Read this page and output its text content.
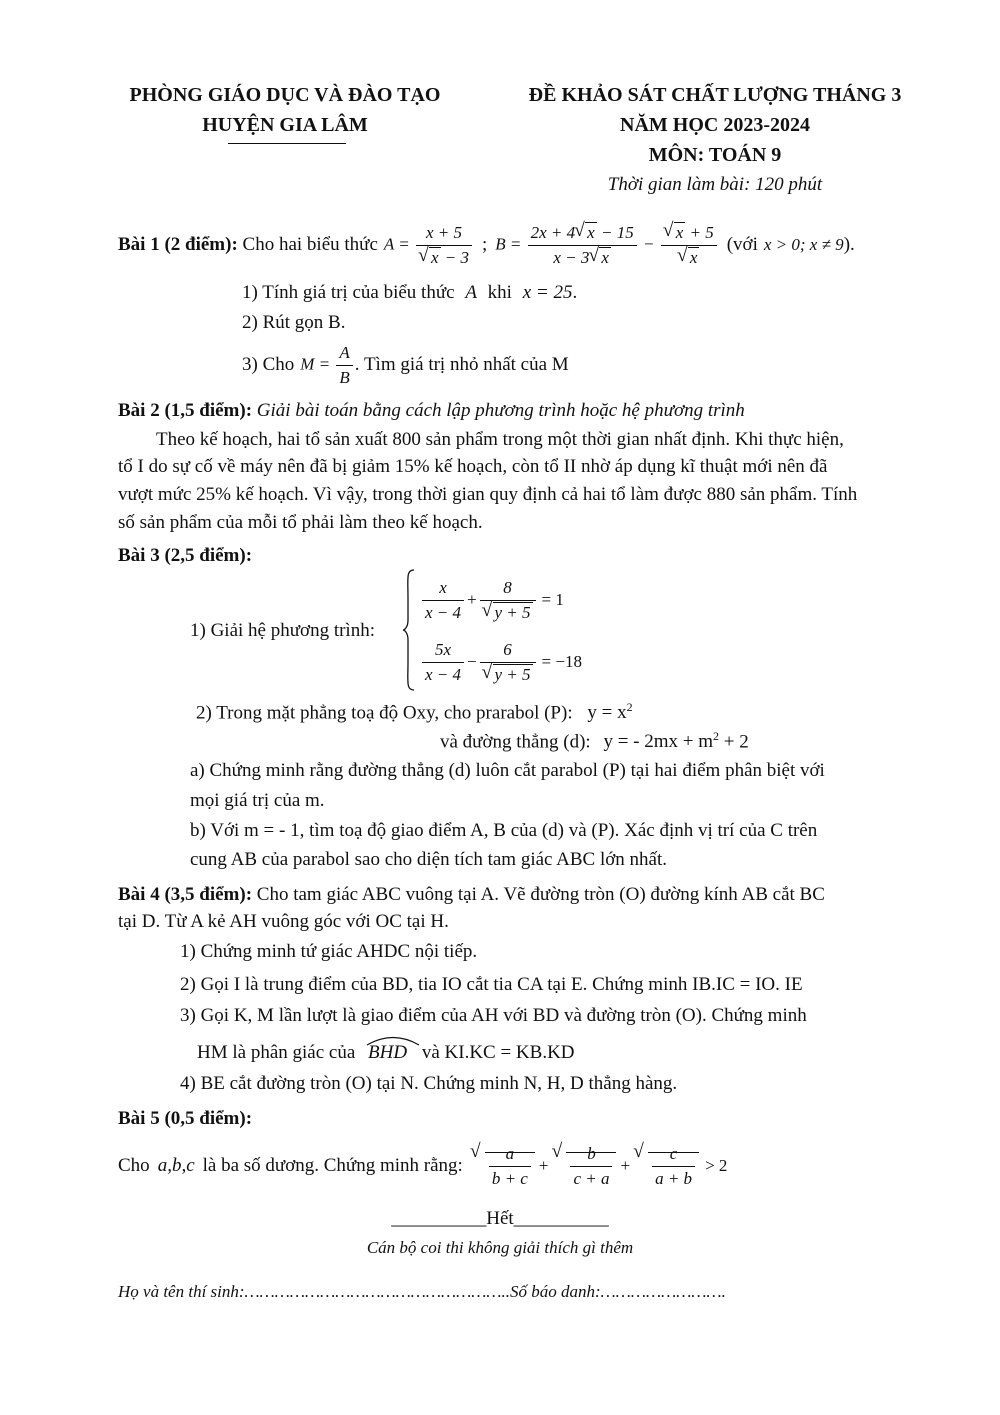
PHÒNG GIÁO DỤC VÀ ĐÀO TẠO
HUYỆN GIA LÂM
ĐỀ KHẢO SÁT CHẤT LƯỢNG THÁNG 3
NĂM HỌC 2023-2024
MÔN: TOÁN 9
Thời gian làm bài: 120 phút
Bài 1 (2 điểm):
Cho hai biểu thức A = x + 5
√ x − 3 ; $B = \frac{2x + 4 √ x - 15}{x - 3 √ x}$ − √ x + 5
√ x (với x > 0; x ≠ 9 ).
1) Tính giá trị của biểu thức A khi x = 25.
2) Rút gọn B.
3) Cho $M = \frac{A}{B}$ . Tìm giá trị nhỏ nhất của M
Bài 2 (1,5 điểm): Giải bài toán bằng cách lập phương trình hoặc hệ phương trình
Theo kế hoạch, hai tổ sản xuất 800 sản phẩm trong một thời gian nhất định. Khi thực hiện,
tổ I do sự cố về máy nên đã bị giảm 15% kế hoạch, còn tổ II nhờ áp dụng kĩ thuật mới nên đã
vượt mức 25% kế hoạch. Vì vậy, trong thời gian quy định cả hai tổ làm được 880 sản phẩm. Tính
số sản phẩm của mỗi tổ phải làm theo kế hoạch.
Bài 3 (2,5 điểm):
1) Giải hệ phương trình:
$\frac{x}{x - 4} + 8$
√ y + 5 = 1
$\frac{5x}{x - 4} - 6$
√ y + 5 = −18
2) Trong mặt phẳng toạ độ Oxy, cho prarabol (P): $y = x^2$
và đường thẳng (d): y = - $2mx + m^2 + 2$
a) Chứng minh rằng đường thẳng (d) luôn cắt parabol (P) tại hai điểm phân biệt với
mọi giá trị của m.
b) Với m = - 1, tìm toạ độ giao điểm A, B của (d) và (P). Xác định vị trí của C trên
cung AB của parabol sao cho diện tích tam giác ABC lớn nhất.
Bài 4 (3,5 điểm): Cho tam giác ABC vuông tại A. Vẽ đường tròn (O) đường kính AB cắt BC
tại D. Từ A kẻ AH vuông góc với OC tại H.
1) Chứng minh tứ giác AHDC nội tiếp.
2) Gọi I là trung điểm của BD, tia IO cắt tia CA tại E. Chứng minh IB.IC = IO. IE
3) Gọi K, M lần lượt là giao điểm của AH với BD và đường tròn (O). Chứng minh
HM là phân giác của BHD và KI.KC = KB.KD
4) BE cắt đường tròn (O) tại N. Chứng minh N, H, D thẳng hàng.
Bài 5 (0,5 điểm):
Cho a,b,c là ba số dương. Chứng minh rằng: √ $\frac{a}{b + c}$ + √ $\frac{b}{c + a}$ + √ $\frac{c}{a + b} > 2$
__________Hết__________
Cán bộ coi thi không giải thích gì thêm
Họ và tên thí sinh:……………………………………………..Số báo danh:…………………….
